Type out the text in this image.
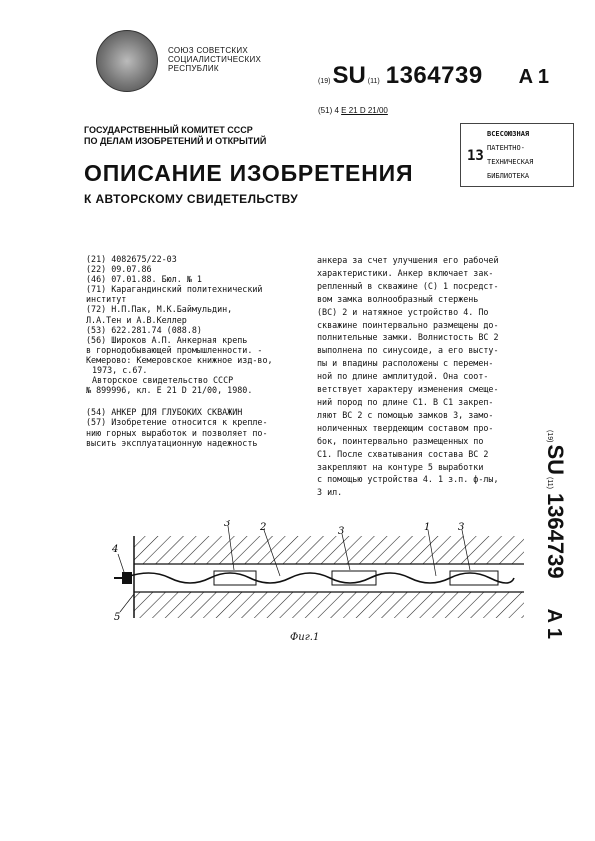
СОЮЗ СОВЕТСКИХ
СОЦИАЛИСТИЧЕСКИХ
РЕСПУБЛИК
(19) SU (11) 1364739 A 1
(51) 4 E 21 D 21/00
ГОСУДАРСТВЕННЫЙ КОМИТЕТ СССР
ПО ДЕЛАМ ИЗОБРЕТЕНИЙ И ОТКРЫТИЙ
13
ВСЕСОЮЗНАЯ
ПАТЕНТНО-
ТЕХНИЧЕСКАЯ
БИБЛИОТЕКА
ОПИСАНИЕ ИЗОБРЕТЕНИЯ
К АВТОРСКОМУ СВИДЕТЕЛЬСТВУ
(21) 4082675/22-03
(22) 09.07.86
(46) 07.01.88. Бюл. № 1
(71) Карагандинский политехнический
институт
(72) Н.П.Пак, М.К.Баймульдин,
Л.А.Тен и А.В.Келлер
(53) 622.281.74 (088.8)
(56) Широков А.П. Анкерная крепь
в горнодобывающей промышленности. -
Кемерово: Кемеровское книжное изд-во,
1973, с.67.
Авторское свидетельство СССР
№ 899996, кл. Е 21 D 21/00, 1980.
(54) АНКЕР ДЛЯ ГЛУБОКИХ СКВАЖИН
(57) Изобретение относится к крепле-
нию горных выработок и позволяет по-
высить эксплуатационную надежность
анкера за счет улучшения его рабочей
характеристики. Анкер включает зак-
репленный в скважине (С) 1 посредст-
вом замка волнообразный стержень
(ВС) 2 и натяжное устройство 4. По
скважине поинтервально размещены до-
полнительные замки. Волнистость ВС 2
выполнена по синусоиде, а его высту-
пы и впадины расположены с перемен-
ной по длине амплитудой. Она соот-
ветствует характеру изменения смеще-
ний пород по длине С1. В С1 закреп-
ляют ВС 2 с помощью замков 3, замо-
ноличенных твердеющим составом про-
бок, поинтервально размещенных по
С1. После схватывания состава ВС 2
закрепляют на контуре 5 выработки
с помощью устройства 4. 1 з.п. ф-лы,
3 ил.
(19)
SU
(11)
1364739
A 1
4
5
3	2	3	1	3
Фиг.1
